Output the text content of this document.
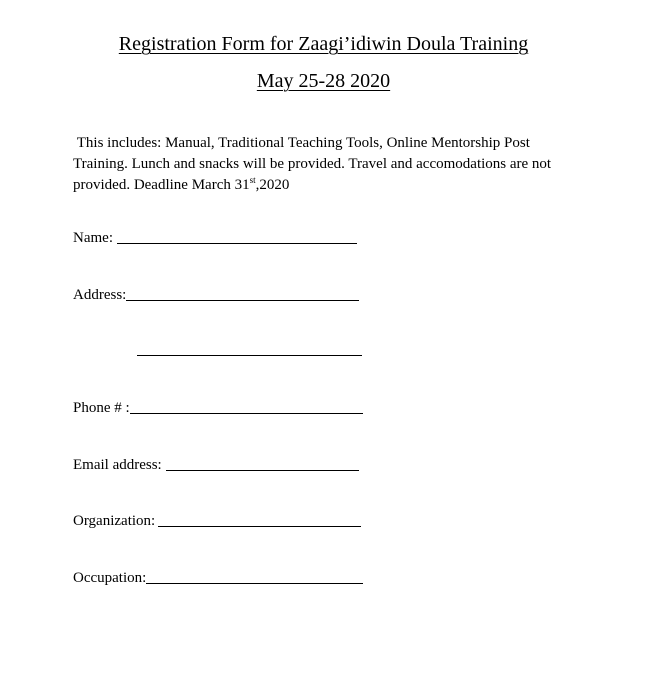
Registration Form for Zaagi’idiwin Doula Training
May 25-28 2020
This includes: Manual, Traditional Teaching Tools, Online Mentorship Post Training. Lunch and snacks will be provided. Travel and accomodations are not provided. Deadline March 31st,2020
Name:
Address:
Phone # :
Email address:
Organization:
Occupation:
